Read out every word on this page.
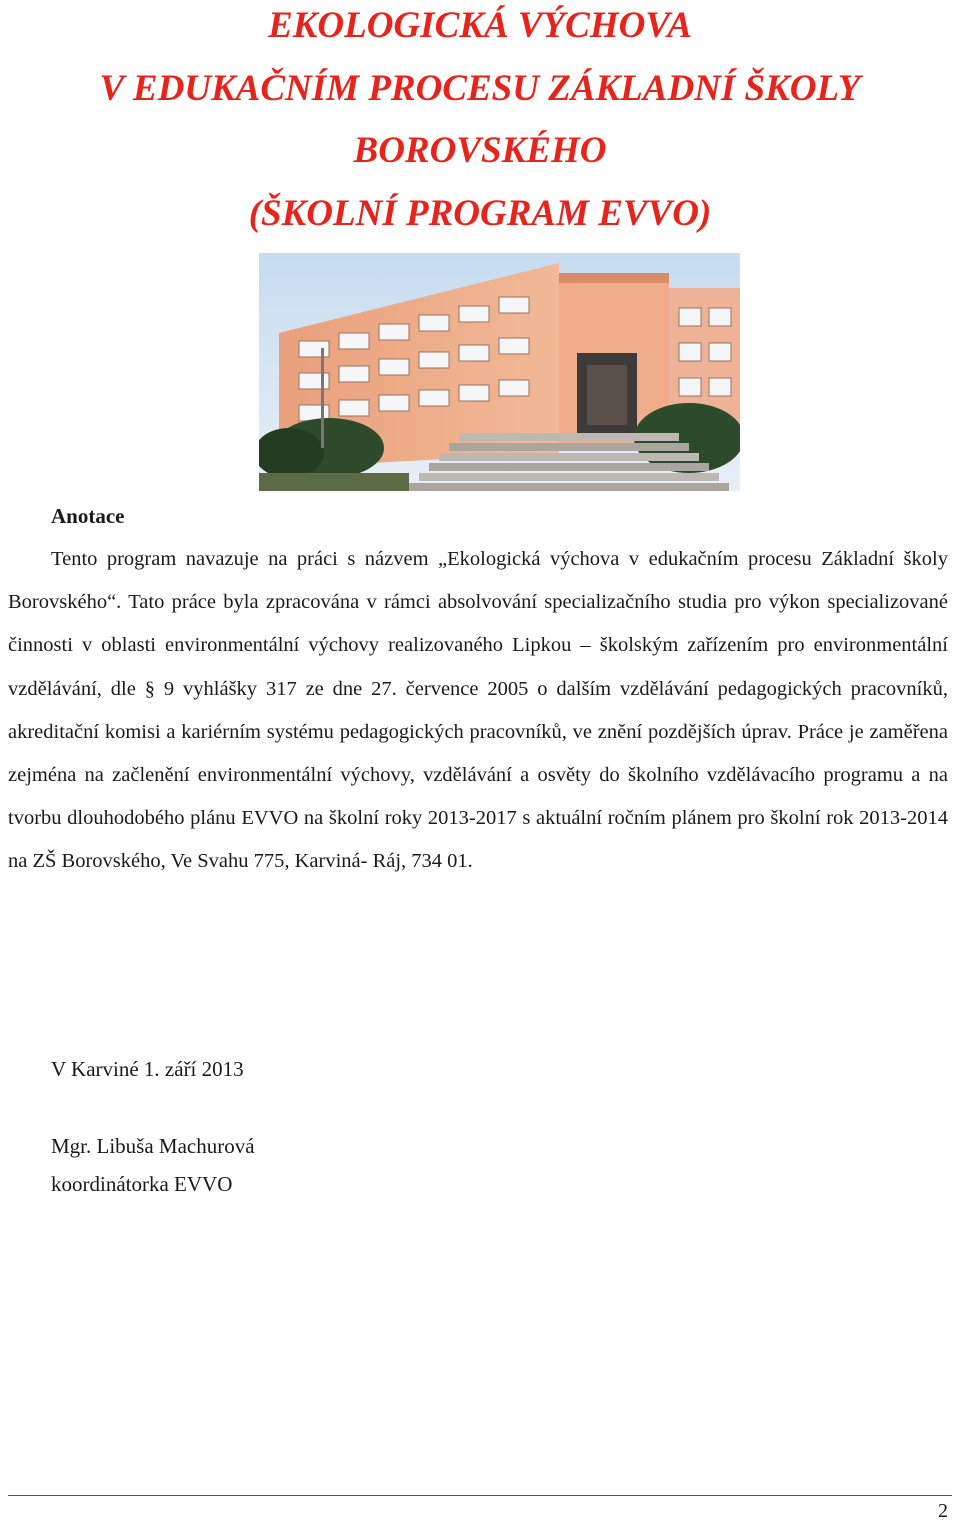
EKOLOGICKÁ VÝCHOVA
V EDUKAČNÍM PROCESU ZÁKLADNÍ ŠKOLY
BOROVSKÉHO
(ŠKOLNÍ PROGRAM EVVO)
Anotace

Tento program navazuje na práci s názvem „Ekologická výchova v edukačním procesu Základní školy Borovského“. Tato práce byla zpracována v rámci absolvování specializačního studia pro výkon specializované činnosti v oblasti environmentální výchovy realizovaného Lipkou – školským zařízením pro environmentální vzdělávání, dle § 9 vyhlášky 317 ze dne 27. července 2005 o dalším vzdělávání pedagogických pracovníků, akreditační komisi a kariérním systému pedagogických pracovníků, ve znění pozdějších úprav. Práce je zaměřena zejména na začlenění environmentální výchovy, vzdělávání a osvěty do školního vzdělávacího programu a na tvorbu dlouhodobého plánu EVVO na školní roky 2013-2017 s aktuální ročním plánem pro školní rok 2013-2014 na ZŠ Borovského, Ve Svahu 775, Karviná- Ráj, 734 01.

V Karviné 1. září 2013
Mgr. Libuša Machurová
koordinátorka EVVO
2
